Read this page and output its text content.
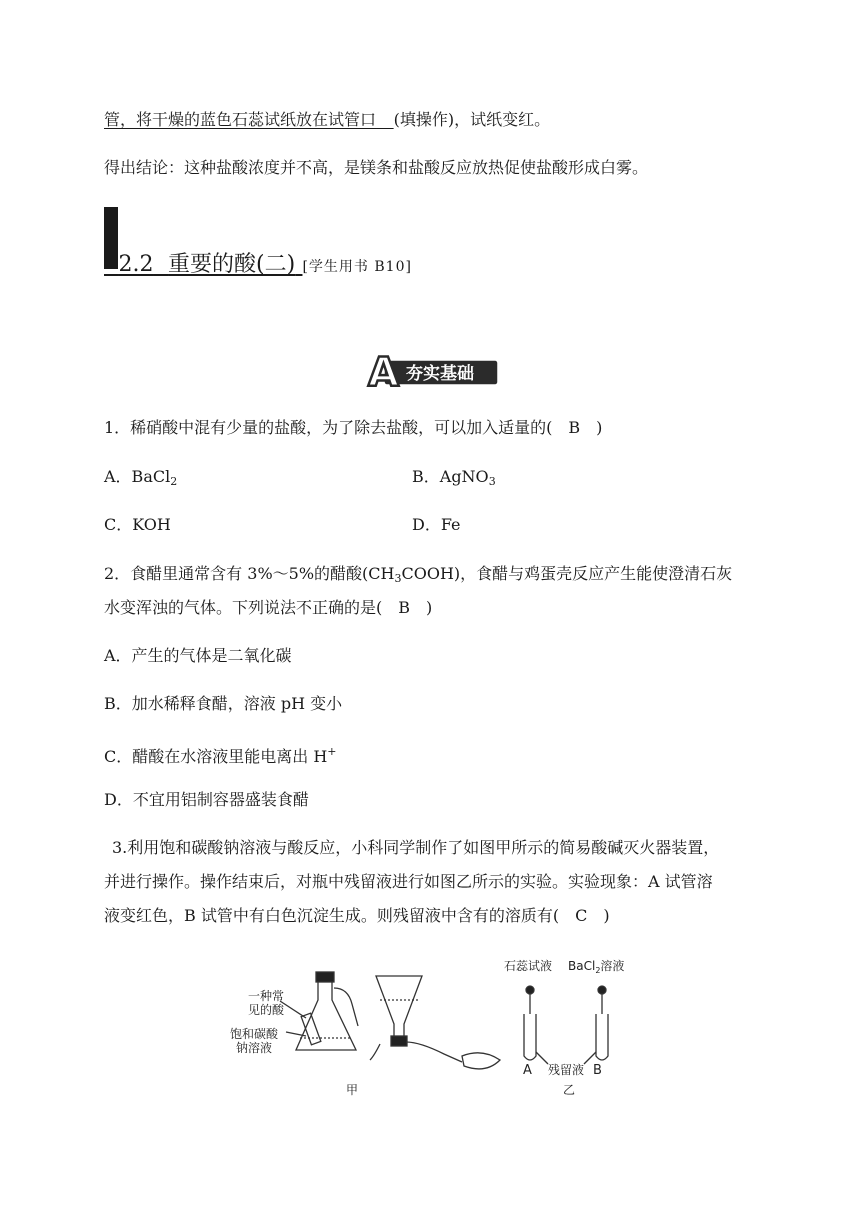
管，将干燥的蓝色石蕊试纸放在试管口   (填操作)，试纸变红。
得出结论：这种盐酸浓度并不高，是镁条和盐酸反应放热促使盐酸形成白雾。
  2.2   重要的酸(二)  [学生用书 B10]
A 夯实基础
1．稀硝酸中混有少量的盐酸，为了除去盐酸，可以加入适量的(　B　)
A．BaCl$_2$	B．AgNO$_3$
C．KOH	D．Fe
2．食醋里通常含有 3%～5%的醋酸$(CH_3COOH)$，食醋与鸡蛋壳反应产生能使澄清石灰
水变浑浊的气体。下列说法不正确的是(　B　)
A．产生的气体是二氧化碳
B．加水稀释食醋，溶液 pH 变小
C．醋酸在水溶液里能电离出 H+
D．不宜用铝制容器盛装食醋
3.利用饱和碳酸钠溶液与酸反应，小科同学制作了如图甲所示的简易酸碱灭火器装置，
并进行操作。操作结束后，对瓶中残留液进行如图乙所示的实验。实验现象：A 试管溶
液变红色，B 试管中有白色沉淀生成。则残留液中含有的溶质有(　C　)
一种常
见的酸
饱和碳酸
钠溶液
石蕊试液 BaCl$_2$溶液
A 残留液 B
甲	乙
